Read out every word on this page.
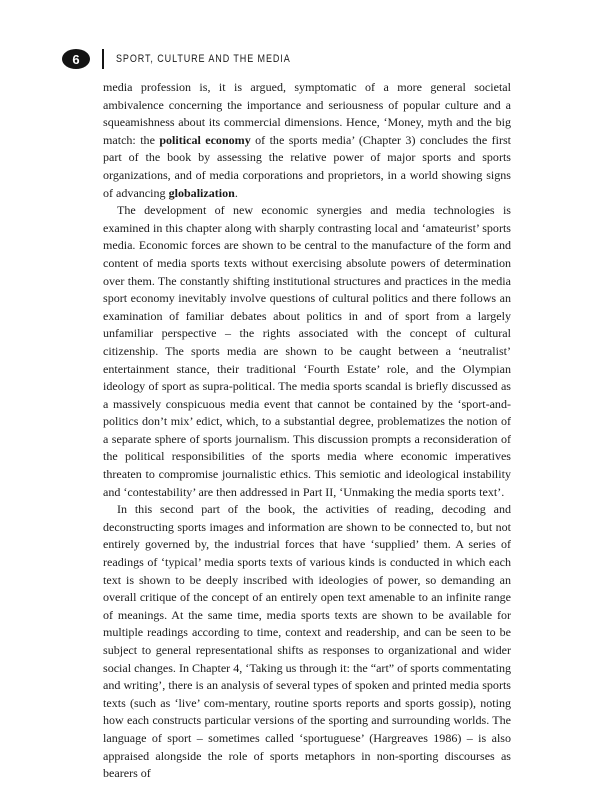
6	SPORT, CULTURE AND THE MEDIA

media profession is, it is argued, symptomatic of a more general societal ambivalence concerning the importance and seriousness of popular culture and a squeamishness about its commercial dimensions. Hence, ‘Money, myth and the big match: the political economy of the sports media’ (Chapter 3) concludes the first part of the book by assessing the relative power of major sports and sports organizations, and of media corporations and proprietors, in a world showing signs of advancing globalization.

The development of new economic synergies and media technologies is examined in this chapter along with sharply contrasting local and ‘amateurist’ sports media. Economic forces are shown to be central to the manufacture of the form and content of media sports texts without exercising absolute powers of determination over them. The constantly shifting institutional structures and practices in the media sport economy inevitably involve questions of cultural politics and there follows an examination of familiar debates about politics in and of sport from a largely unfamiliar perspective – the rights associated with the concept of cultural citizenship. The sports media are shown to be caught between a ‘neutralist’ entertainment stance, their traditional ‘Fourth Estate’ role, and the Olympian ideology of sport as supra-political. The media sports scandal is briefly discussed as a massively conspicuous media event that cannot be contained by the ‘sport-and-politics don’t mix’ edict, which, to a substantial degree, problematizes the notion of a separate sphere of sports journalism. This discussion prompts a reconsideration of the political responsibilities of the sports media where economic imperatives threaten to compromise journalistic ethics. This semiotic and ideological instability and ‘contestability’ are then addressed in Part II, ‘Unmaking the media sports text’.

In this second part of the book, the activities of reading, decoding and deconstructing sports images and information are shown to be connected to, but not entirely governed by, the industrial forces that have ‘supplied’ them. A series of readings of ‘typical’ media sports texts of various kinds is conducted in which each text is shown to be deeply inscribed with ideologies of power, so demanding an overall critique of the concept of an entirely open text amenable to an infinite range of meanings. At the same time, media sports texts are shown to be available for multiple readings according to time, context and readership, and can be seen to be subject to general representational shifts as responses to organizational and wider social changes. In Chapter 4, ‘Taking us through it: the “art” of sports commentating and writing’, there is an analysis of several types of spoken and printed media sports texts (such as ‘live’ com-mentary, routine sports reports and sports gossip), noting how each constructs particular versions of the sporting and surrounding worlds. The language of sport – sometimes called ‘sportuguese’ (Hargreaves 1986) – is also appraised alongside the role of sports metaphors in non-sporting discourses as bearers of
